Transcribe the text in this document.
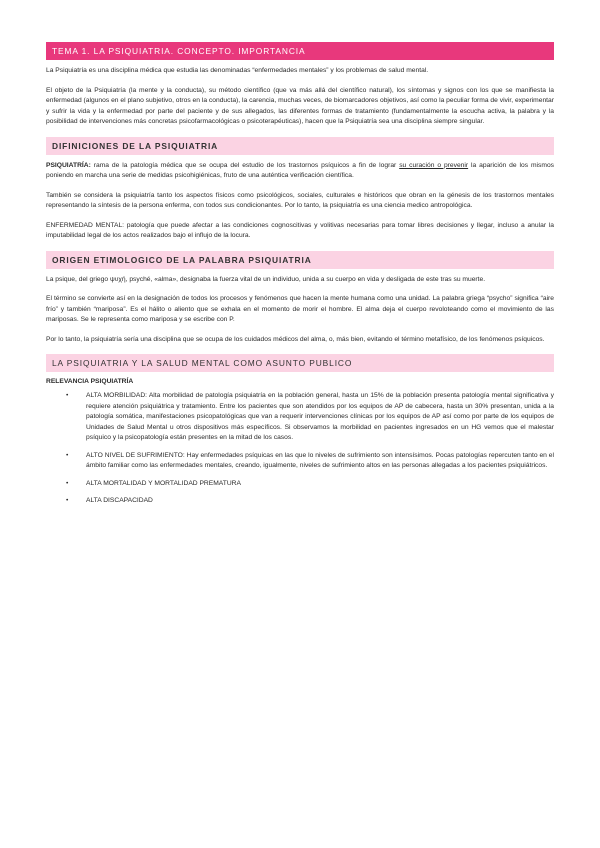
TEMA 1. LA PSIQUIATRIA. CONCEPTO. IMPORTANCIA

La Psiquiatría es una disciplina médica que estudia las denominadas “enfermedades mentales” y los problemas de salud mental.

El objeto de la Psiquiatría (la mente y la conducta), su método científico (que va más allá del científico natural), los síntomas y signos con los que se manifiesta la enfermedad (algunos en el plano subjetivo, otros en la conducta), la carencia, muchas veces, de biomarcadores objetivos, así como la peculiar forma de vivir, experimentar y sufrir la vida y la enfermedad por parte del paciente y de sus allegados, las diferentes formas de tratamiento (fundamentalmente la escucha activa, la palabra y la posibilidad de intervenciones más concretas psicofarmacológicas o psicoterapéuticas), hacen que la Psiquiatría sea una disciplina siempre singular.

DIFINICIONES DE LA PSIQUIATRIA

PSIQUIATRÍA: rama de la patología médica que se ocupa del estudio de los trastornos psíquicos a fin de lograr su curación o prevenir la aparición de los mismos poniendo en marcha una serie de medidas psicohigiénicas, fruto de una auténtica verificación científica.

También se considera la psiquiatría tanto los aspectos físicos como psicológicos, sociales, culturales e históricos que obran en la génesis de los trastornos mentales representando la síntesis de la persona enferma, con todos sus condicionantes. Por lo tanto, la psiquiatría es una ciencia medico antropológica.

ENFERMEDAD MENTAL: patología que puede afectar a las condiciones cognoscitivas y volitivas necesarias para tomar libres decisiones y llegar, incluso a anular la imputabilidad legal de los actos realizados bajo el influjo de la locura.

ORIGEN ETIMOLOGICO DE LA PALABRA PSIQUIATRIA

La psique, del griego ψυχή, psyché, «alma», designaba la fuerza vital de un individuo, unida a su cuerpo en vida y desligada de este tras su muerte.

El término se convierte así en la designación de todos los procesos y fenómenos que hacen la mente humana como una unidad. La palabra griega “psycho” significa “aire frío” y también “mariposa”. Es el hálito o aliento que se exhala en el momento de morir el hombre. El alma deja el cuerpo revoloteando como el movimiento de las mariposas. Se le representa como mariposa y se escribe con P.

Por lo tanto, la psiquiatría sería una disciplina que se ocupa de los cuidados médicos del alma, o, más bien, evitando el término metafísico, de los fenómenos psíquicos.

LA PSIQUIATRIA Y LA SALUD MENTAL COMO ASUNTO PUBLICO
RELEVANCIA PSIQUIATRÍA
•	ALTA MORBILIDAD: Alta morbilidad de patología psiquiatría en la población general, hasta un 15% de la población presenta patología mental significativa y requiere atención psiquiátrica y tratamiento. Entre los pacientes que son atendidos por los equipos de AP de cabecera, hasta un 30% presentan, unida a la patología somática, manifestaciones psicopatológicas que van a requerir intervenciones clínicas por los equipos de AP así como por parte de los equipos de Unidades de Salud Mental u otros dispositivos más específicos. Si observamos la morbilidad en pacientes ingresados en un HG vemos que el malestar psíquico y la psicopatología están presentes en la mitad de los casos.
•	ALTO NIVEL DE SUFRIMIENTO: Hay enfermedades psíquicas en las que lo niveles de sufrimiento son intensísimos. Pocas patologías repercuten tanto en el ámbito familiar como las enfermedades mentales, creando, igualmente, niveles de sufrimiento altos en las personas allegadas a los pacientes psiquiátricos.
•	ALTA MORTALIDAD Y MORTALIDAD PREMATURA
•	ALTA DISCAPACIDAD
